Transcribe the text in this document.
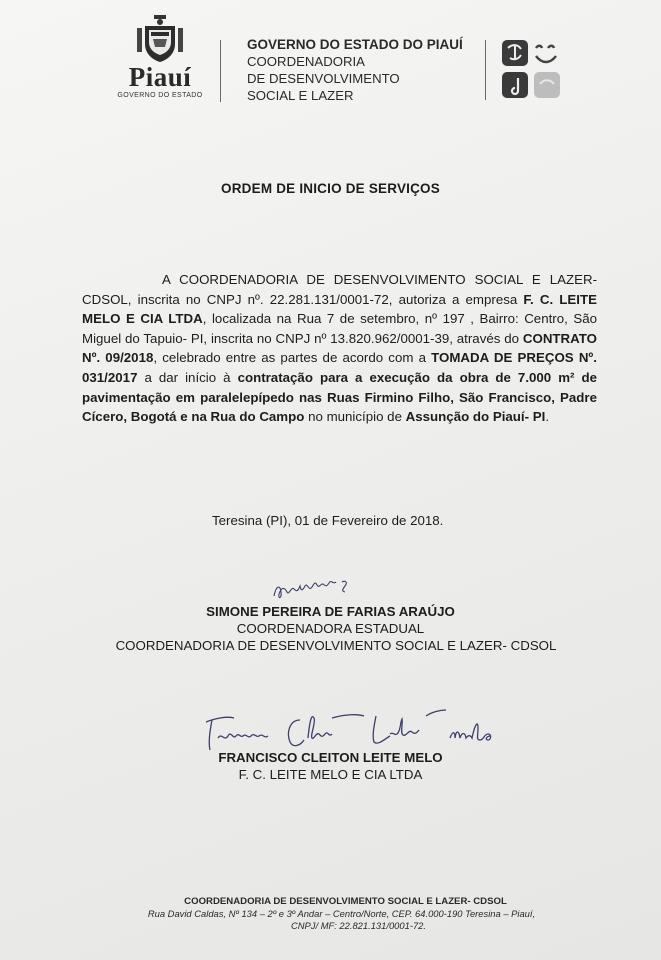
Piauí
GOVERNO DO ESTADO
GOVERNO DO ESTADO DO PIAUÍ
COORDENADORIA
DE DESENVOLVIMENTO
SOCIAL E LAZER
ORDEM DE INICIO DE SERVIÇOS
A COORDENADORIA DE DESENVOLVIMENTO SOCIAL E LAZER-CDSOL, inscrita no CNPJ nº. 22.281.131/0001-72, autoriza a empresa F. C. LEITE MELO E CIA LTDA, localizada na Rua 7 de setembro, nº 197 , Bairro: Centro, São Miguel do Tapuio- PI, inscrita no CNPJ nº 13.820.962/0001-39, através do CONTRATO Nº. 09/2018, celebrado entre as partes de acordo com a TOMADA DE PREÇOS Nº. 031/2017 a dar início à contratação para a execução da obra de 7.000 m² de pavimentação em paralelepípedo nas Ruas Firmino Filho, São Francisco, Padre Cícero, Bogotá e na Rua do Campo no município de Assunção do Piauí- PI.
Teresina (PI), 01 de Fevereiro de 2018.
SIMONE PEREIRA DE FARIAS ARAÚJO
COORDENADORA ESTADUAL
COORDENADORIA DE DESENVOLVIMENTO SOCIAL E LAZER- CDSOL
FRANCISCO CLEITON LEITE MELO
F. C. LEITE MELO E CIA LTDA
COORDENADORIA DE DESENVOLVIMENTO SOCIAL E LAZER- CDSOL
Rua David Caldas, Nº 134 – 2º e 3º Andar – Centro/Norte, CEP. 64.000-190 Teresina – Piauí,
CNPJ/ MF: 22.821.131/0001-72.
